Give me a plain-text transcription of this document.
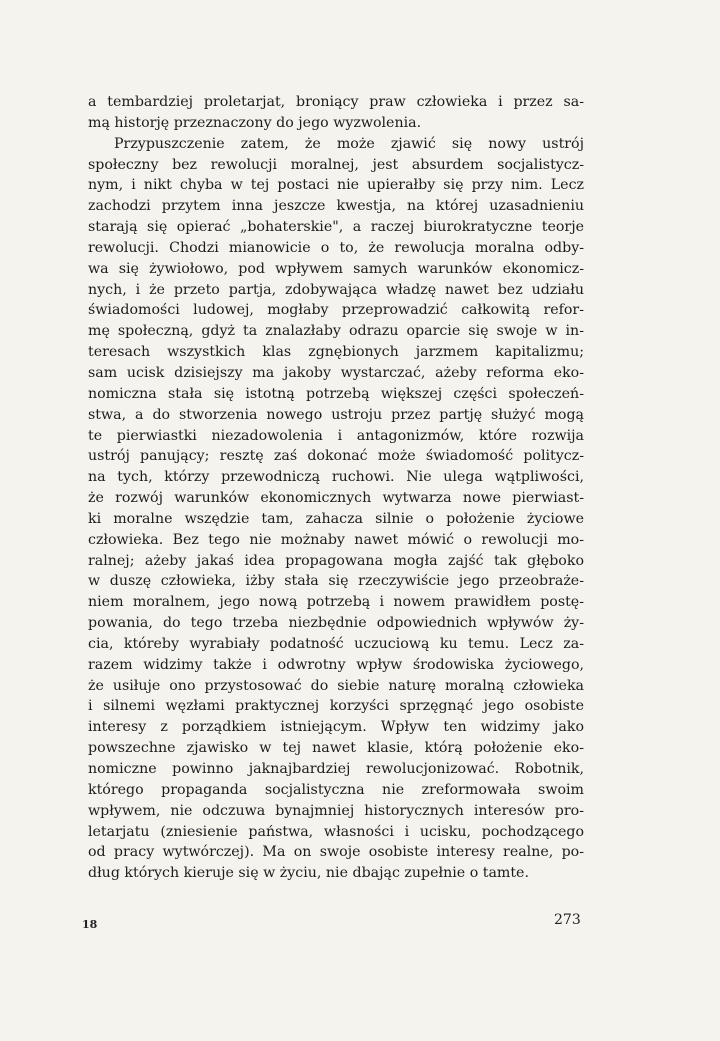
a tembardziej proletarjat, broniący praw człowieka i przez sa-
mą historję przeznaczony do jego wyzwolenia.
Przypuszczenie zatem, że może zjawić się nowy ustrój
społeczny bez rewolucji moralnej, jest absurdem socjalistycz-
nym, i nikt chyba w tej postaci nie upierałby się przy nim. Lecz
zachodzi przytem inna jeszcze kwestja, na której uzasadnieniu
starają się opierać „bohaterskie", a raczej biurokratyczne teorje
rewolucji. Chodzi mianowicie o to, że rewolucja moralna odby-
wa się żywiołowo, pod wpływem samych warunków ekonomicz-
nych, i że przeto partja, zdobywająca władzę nawet bez udziału
świadomości ludowej, mogłaby przeprowadzić całkowitą refor-
mę społeczną, gdyż ta znalazłaby odrazu oparcie się swoje w in-
teresach wszystkich klas zgnębionych jarzmem kapitalizmu;
sam ucisk dzisiejszy ma jakoby wystarczać, ażeby reforma eko-
nomiczna stała się istotną potrzebą większej części społeczeń-
stwa, a do stworzenia nowego ustroju przez partję służyć mogą
te pierwiastki niezadowolenia i antagonizmów, które rozwija
ustrój panujący; resztę zaś dokonać może świadomość politycz-
na tych, którzy przewodniczą ruchowi. Nie ulega wątpliwości,
że rozwój warunków ekonomicznych wytwarza nowe pierwiast-
ki moralne wszędzie tam, zahacza silnie o położenie życiowe
człowieka. Bez tego nie możnaby nawet mówić o rewolucji mo-
ralnej; ażeby jakaś idea propagowana mogła zajść tak głęboko
w duszę człowieka, iżby stała się rzeczywiście jego przeobraże-
niem moralnem, jego nową potrzebą i nowem prawidłem postę-
powania, do tego trzeba niezbędnie odpowiednich wpływów ży-
cia, któreby wyrabiały podatność uczuciową ku temu. Lecz za-
razem widzimy także i odwrotny wpływ środowiska życiowego,
że usiłuje ono przystosować do siebie naturę moralną człowieka
i silnemi węzłami praktycznej korzyści sprzęgnąć jego osobiste
interesy z porządkiem istniejącym. Wpływ ten widzimy jako
powszechne zjawisko w tej nawet klasie, którą położenie eko-
nomiczne powinno jaknajbardziej rewolucjonizować. Robotnik,
którego propaganda socjalistyczna nie zreformowała swoim
wpływem, nie odczuwa bynajmniej historycznych interesów pro-
letarjatu (zniesienie państwa, własności i ucisku, pochodzącego
od pracy wytwórczej). Ma on swoje osobiste interesy realne, po-
dług których kieruje się w życiu, nie dbając zupełnie o tamte.
18	273
